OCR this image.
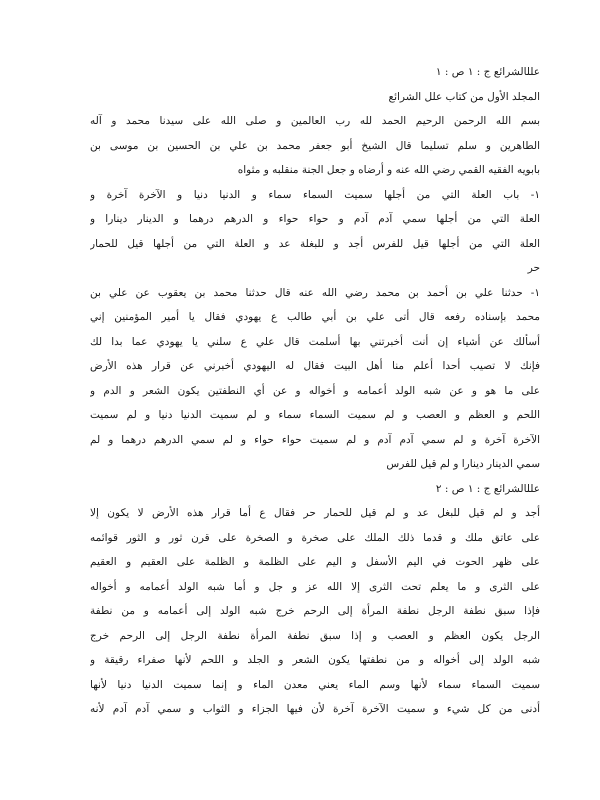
علل‏الشرائع ج : ١ ص : ١
المجلد الأول من كتاب علل الشرائع
بسم الله الرحمن الرحيم الحمد لله رب العالمين و صلى الله على سيدنا محمد و آله
الطاهرين و سلم تسليما قال الشيخ أبو جعفر محمد بن علي بن الحسين بن موسى بن
بابويه الفقيه القمي رضي الله عنه و أرضاه و جعل الجنة منقلبه و مثواه
١- باب العلة التي من أجلها سميت السماء سماء و الدنيا دنيا و الآخرة آخرة و
العلة التي من أجلها سمي آدم آدم و حواء حواء و الدرهم درهما و الدينار دينارا و
العلة التي من أجلها قيل للفرس أجد و للبغلة عد و العلة التي من أجلها قيل للحمار
حر
١- حدثنا علي بن أحمد بن محمد رضي الله عنه قال حدثنا محمد بن يعقوب عن علي بن
محمد بإسناده رفعه قال أتى علي بن أبي طالب ع يهودي فقال يا أمير المؤمنين إني
أسألك عن أشياء إن أنت أخبرتني بها أسلمت قال علي ع سلني يا يهودي عما بدا لك
فإنك لا تصيب أحدا أعلم منا أهل البيت فقال له اليهودي أخبرني عن قرار هذه الأرض
على ما هو و عن شبه الولد أعمامه و أخواله و عن أي النطفتين يكون الشعر و الدم و
اللحم و العظم و العصب و لم سميت السماء سماء و لم سميت الدنيا دنيا و لم سميت
الآخرة آخرة و لم سمي آدم آدم و لم سميت حواء حواء و لم سمي الدرهم درهما و لم
سمي الدينار دينارا و لم قيل للفرس
علل‏الشرائع ج : ١ ص : ٢
أجد و لم قيل للبغل عد و لم قيل للحمار حر فقال ع أما قرار هذه الأرض لا يكون إلا
على عاتق ملك و قدما ذلك الملك على صخرة و الصخرة على قرن ثور و الثور قوائمه
على ظهر الحوت في اليم الأسفل و اليم على الظلمة و الظلمة على العقيم و العقيم
على الثرى و ما يعلم تحت الثرى إلا الله عز و جل و أما شبه الولد أعمامه و أخواله
فإذا سبق نطفة الرجل نطفة المرأة إلى الرحم خرج شبه الولد إلى أعمامه و من نطفة
الرجل يكون العظم و العصب و إذا سبق نطفة المرأة نطفة الرجل إلى الرحم خرج
شبه الولد إلى أخواله و من نطفتها يكون الشعر و الجلد و اللحم لأنها صفراء رقيقة و
سميت السماء سماء لأنها وسم الماء يعني معدن الماء و إنما سميت الدنيا دنيا لأنها
أدنى من كل شي‏ء و سميت الآخرة آخرة لأن فيها الجزاء و الثواب و سمي آدم آدم لأنه
